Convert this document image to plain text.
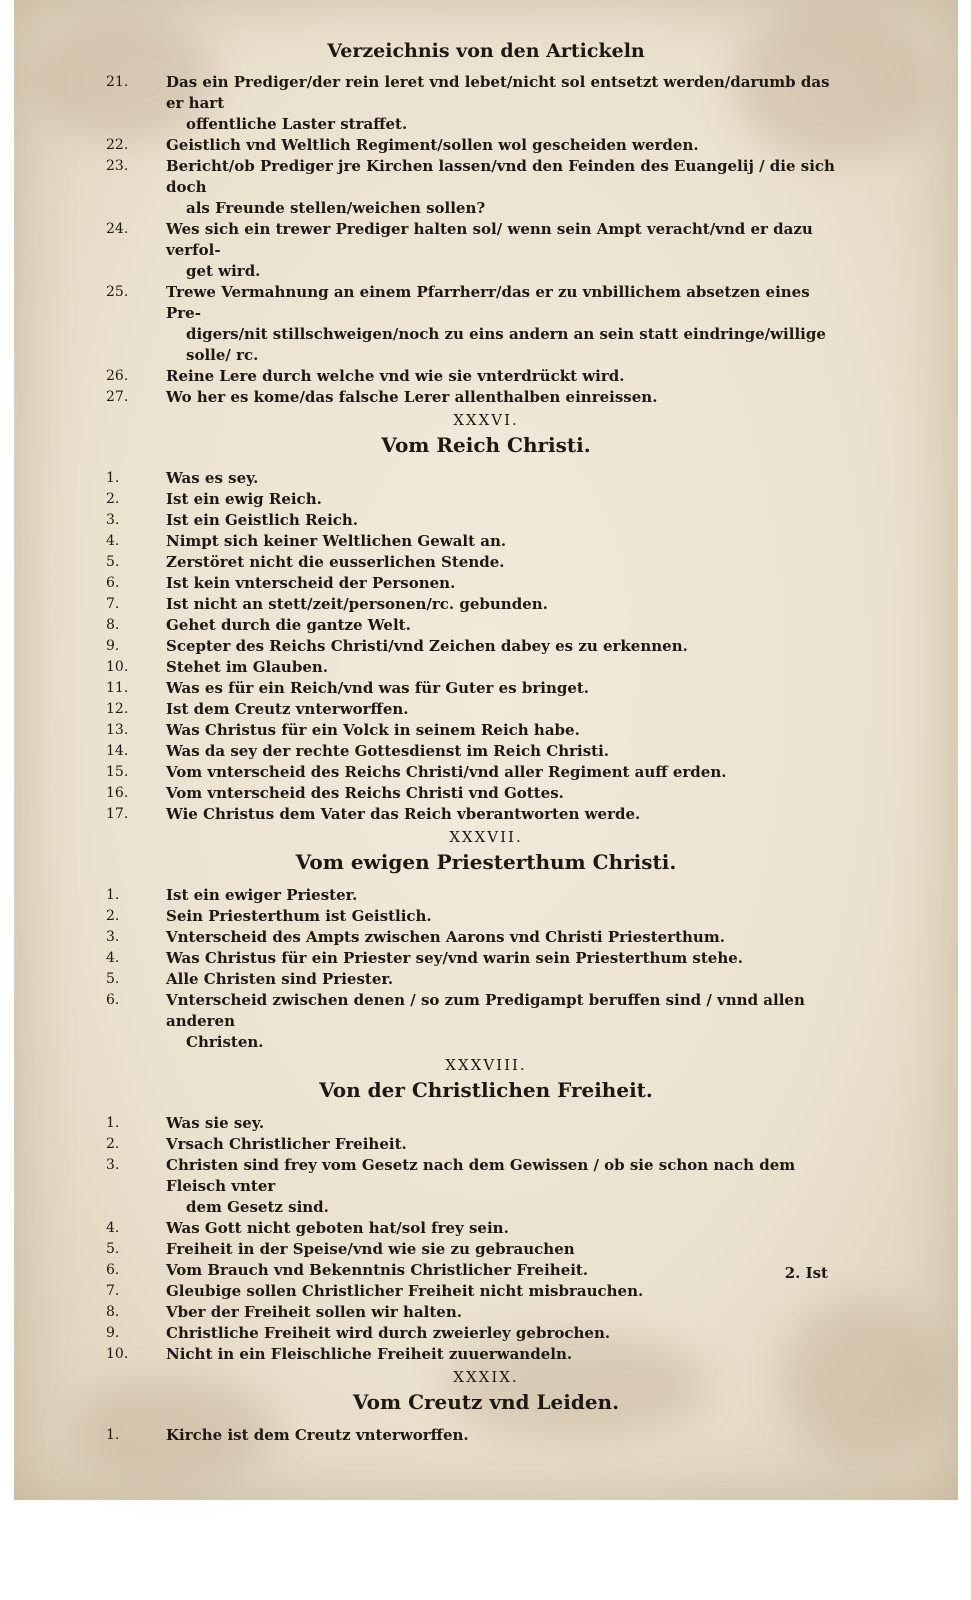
Verzeichnis von den Artickeln
21.	Das ein Prediger/der rein leret vnd lebet/nicht sol entsetzt werden/darumb das er hart
offentliche Laster straffet.
22.	Geistlich vnd Weltlich Regiment/sollen wol gescheiden werden.
23.	Bericht/ob Prediger jre Kirchen lassen/vnd den Feinden des Euangelij / die sich doch
als Freunde stellen/weichen sollen?
24.	Wes sich ein trewer Prediger halten sol/ wenn sein Ampt veracht/vnd er dazu verfol-
get wird.
25.	Trewe Vermahnung an einem Pfarrherr/das er zu vnbillichem absetzen eines Pre-
digers/nit stillschweigen/noch zu eins andern an sein statt eindringe/willige solle/ rc.
26.	Reine Lere durch welche vnd wie sie vnterdrückt wird.
27.	Wo her es kome/das falsche Lerer allenthalben einreissen.
XXXVI.
Vom Reich Christi.
1.	Was es sey.
2.	Ist ein ewig Reich.
3.	Ist ein Geistlich Reich.
4.	Nimpt sich keiner Weltlichen Gewalt an.
5.	Zerstöret nicht die eusserlichen Stende.
6.	Ist kein vnterscheid der Personen.
7.	Ist nicht an stett/zeit/personen/rc. gebunden.
8.	Gehet durch die gantze Welt.
9.	Scepter des Reichs Christi/vnd Zeichen dabey es zu erkennen.
10.	Stehet im Glauben.
11.	Was es für ein Reich/vnd was für Guter es bringet.
12.	Ist dem Creutz vnterworffen.
13.	Was Christus für ein Volck in seinem Reich habe.
14.	Was da sey der rechte Gottesdienst im Reich Christi.
15.	Vom vnterscheid des Reichs Christi/vnd aller Regiment auff erden.
16.	Vom vnterscheid des Reichs Christi vnd Gottes.
17.	Wie Christus dem Vater das Reich vberantworten werde.
XXXVII.
Vom ewigen Priesterthum Christi.
1.	Ist ein ewiger Priester.
2.	Sein Priesterthum ist Geistlich.
3.	Vnterscheid des Ampts zwischen Aarons vnd Christi Priesterthum.
4.	Was Christus für ein Priester sey/vnd warin sein Priesterthum stehe.
5.	Alle Christen sind Priester.
6.	Vnterscheid zwischen denen / so zum Predigampt beruffen sind / vnnd allen anderen
Christen.
XXXVIII.
Von der Christlichen Freiheit.
1.	Was sie sey.
2.	Vrsach Christlicher Freiheit.
3.	Christen sind frey vom Gesetz nach dem Gewissen / ob sie schon nach dem Fleisch vnter
dem Gesetz sind.
4.	Was Gott nicht geboten hat/sol frey sein.
5.	Freiheit in der Speise/vnd wie sie zu gebrauchen
6.	Vom Brauch vnd Bekenntnis Christlicher Freiheit.
7.	Gleubige sollen Christlicher Freiheit nicht misbrauchen.
8.	Vber der Freiheit sollen wir halten.
9.	Christliche Freiheit wird durch zweierley gebrochen.
10.	Nicht in ein Fleischliche Freiheit zuuerwandeln.
XXXIX.
Vom Creutz vnd Leiden.
1.	Kirche ist dem Creutz vnterworffen.
2. Ist
